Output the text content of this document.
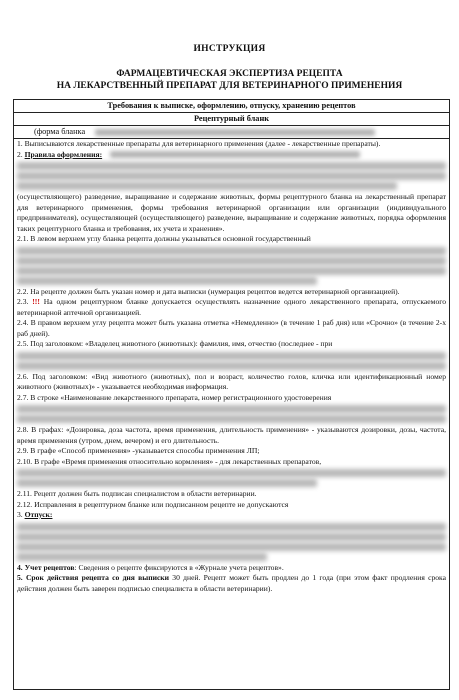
ИНСТРУКЦИЯ
ФАРМАЦЕВТИЧЕСКАЯ ЭКСПЕРТИЗА РЕЦЕПТА
НА ЛЕКАРСТВЕННЫЙ ПРЕПАРАТ ДЛЯ ВЕТЕРИНАРНОГО ПРИМЕНЕНИЯ
Требования к выписке, оформлению, отпуску, хранению рецептов
Рецептурный бланк
(форма бланка

1. Выписываются лекарственные препараты для ветеринарного применения (далее - лекарственные препараты).

2. Правила оформления:

(осуществляющего) разведение, выращивание и содержание животных, формы рецептурного бланка на лекарственный препарат для ветеринарного применения, формы требования ветеринарной организации или организации (индивидуального предпринимателя), осуществляющей (осуществляющего) разведение, выращивание и содержание животных, порядка оформления таких рецептурного бланка и требования, их учета и хранения».

2.1. В левом верхнем углу бланка рецепта должны указываться основной государственный

2.2. На рецепте должен быть указан номер и дата выписки (нумерация рецептов ведется ветеринарной организацией).

2.3. !!! На одном рецептурном бланке допускается осуществлять назначение одного лекарственного препарата, отпускаемого ветеринарной аптечной организацией.

2.4. В правом верхнем углу рецепта может быть указана отметка «Немедленно» (в течение 1 раб дня) или «Срочно» (в течение 2-х раб дней).

2.5. Под заголовком: «Владелец животного (животных): фамилия, имя, отчество (последнее - при

2.6. Под заголовком: «Вид животного (животных), пол и возраст, количество голов, кличка или идентификационный номер животного (животных)» - указывается необходимая информация.

2.7. В строке «Наименование лекарственного препарата, номер регистрационного удостоверения

2.8. В графах: «Дозировка, доза частота, время применения, длительность применения» - указываются дозировки, дозы, частота, время применения (утром, днем, вечером) и его длительность.

2.9. В графе «Способ применения» -указывается способы применения ЛП;

2.10. В графе «Время применения относительно кормления» - для лекарственных препаратов,

2.11. Рецепт должен быть подписан специалистом в области ветеринарии.

2.12. Исправления в рецептурном бланке или подписанном рецепте не допускаются

3. Отпуск:

4. Учет рецептов: Сведения о рецепте фиксируются в «Журнале учета рецептов».

5. Срок действия рецепта со дня выписки 30 дней. Рецепт может быть продлен до 1 года (при этом факт продления срока действия должен быть заверен подписью специалиста в области ветеринарии).
